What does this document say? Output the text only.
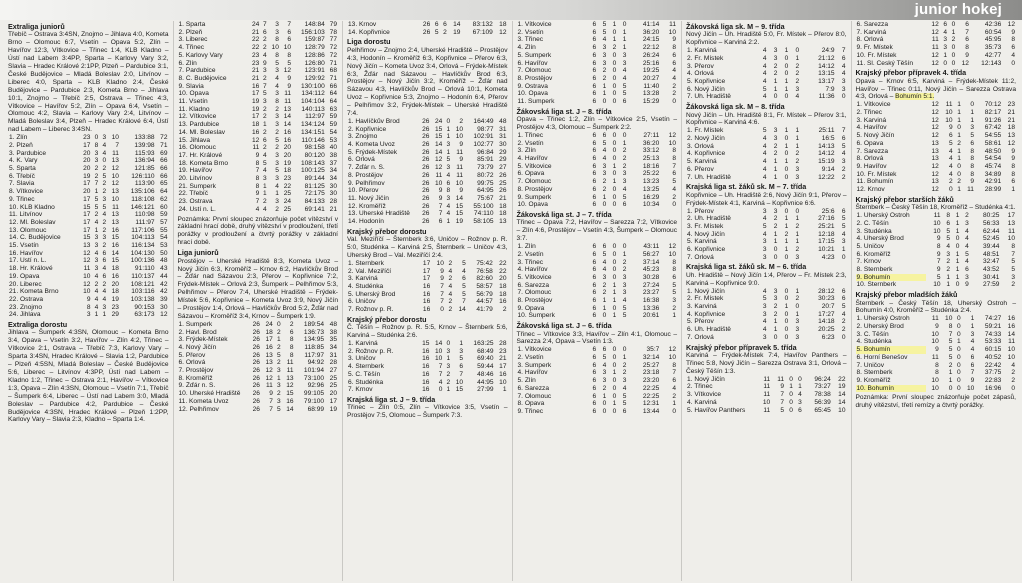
junior hokej
Extraliga juniorů
Třebíč – Ostrava 3:4SN, Znojmo – Jihlava 4:0, Kometa Brno – Olomouc 6:7, Vsetín – Opava 5:2, Zlín – Havířov 12:3, Vítkovice – Třinec 1:4, KLB Kladno – Ústí nad Labem 3:4PP, Sparta – Karlovy Vary 3:2, Slavia – Hradec Králové 2:1PP, Plzeň – Pardubice 3:1, České Budějovice – Mladá Boleslav 2:0, Litvínov – Liberec 4:0, Sparta – KLB Kladno 2:4, České Budějovice – Pardubice 2:3, Kometa Brno – Jihlava 10:1, Znojmo – Třebíč 2:5, Ostrava – Třinec 4:3, Vítkovice – Havířov 5:2, Zlín – Opava 6:4, Vsetín – Olomouc 4:2, Slavia – Karlovy Vary 2:4, Litvínov – Mladá Boleslav 3:4, Plzeň – Hradec Králové 6:4, Ústí nad Labem – Liberec 3:4SN.
1. Zlín	23	0	3	10	133:88	72
2. Plzeň	17	8	4	7	139:98	71
3. Pardubice	20	3	4	11	115:93	69
4. K. Vary	20	3	0	13	136:94	66
5. Sparta	20	2	2	12	121:85	66
6. Třebíč	19	2	5	10	126:110	66
7. Slavia	17	7	2	12	113:90	65
8. Vítkovice	20	1	2	13	135:106	64
9. Třinec	17	5	3	10	118:108	62
10. KLB Kladno	15	5	5	11	146:121	60
11. Litvínov	17	2	4	13	110:98	59
12. Ml. Boleslav	17	4	2	13	111:97	57
13. Olomouc	17	1	2	16	117:106	55
14. Č. Budějovice	15	3	3	15	104:113	54
15. Vsetín	13	3	2	16	116:134	53
16. Havířov	12	4	6	14	104:130	50
17. Ústí n. L.	12	3	6	15	100:136	48
18. Hr. Králové	11	3	4	18	91:110	43
19. Opava	10	4	6	16	110:137	44
20. Liberec	12	2	2	20	108:121	42
21. Kometa Brno	10	4	4	18	103:116	42
22. Ostrava	9	4	4	19	103:138	39
23. Znojmo	8	4	3	23	90:153	30
24. Jihlava	3	1	1	29	63:173	12
Extraliga dorostu
Jihlava – Šumperk 4:3SN, Olomouc – Kometa Brno 3:4, Opava – Vsetín 3:2, Havířov – Zlín 4:2, Třinec – Vítkovice 2:1, Ostrava – Třebíč 7:3, Karlovy Vary – Sparta 3:4SN, Hradec Králové – Slavia 1:2, Pardubice – Plzeň 4:5SN, Mladá Boleslav – České Budějovice 5:6, Liberec – Litvínov 4:3PP, Ústí nad Labem – Kladno 1:2, Třinec – Ostrava 2:1, Havířov – Vítkovice 1:3, Opava – Zlín 4:3SN, Olomouc – Vsetín 7:1, Třebíč – Šumperk 6:4, Liberec – Ústí nad Labem 3:0, Mladá Boleslav – Pardubice 4:2, Pardubice – České Budějovice 4:3SN, Hradec Králové – Plzeň 1:2PP, Karlovy Vary – Slavia 2:3, Kladno – Sparta 1:4.
1. Sparta	24	7	3	7	148:84	79
2. Plzeň	21	6	3	6	156:103	78
3. Liberec	22	2	8	6	159:87	77
4. Třinec	22	2	10	10	128:79	72
5. Karlovy Vary	23	4	8	8	128:86	72
6. Zlín	23	9	5	5	126:80	71
7. Pardubice	21	3	3	12	123:91	68
8. Č. Budějovice	21	2	4	9	129:92	71
9. Slavia	16	7	4	9	130:100	66
10. Opava	17	5	3	11	134:112	64
11. Vsetín	19	3	8	11	104:104	64
11. Kladno	19	2	2	13	140:113	63
12. Vítkovice	17	2	3	14	112:97	59
13. Pardubice	18	1	3	14	134:124	59
14. Ml. Boleslav	16	2	2	16	134:151	54
15. Jihlava	12	6	5	16	110:146	53
16. Olomouc	11	2	2	20	98:158	40
17. Hr. Králové	9	4	3	20	80:120	38
18. Kometa Brno	8	5	3	19	108:143	37
19. Havířov	7	4	5	18	100:125	34
20. Litvínov	8	3	3	23	89:144	34
21. Šumperk	8	1	4	22	81:125	30
22. Třebíč	9	1	1	25	72:175	30
23. Ostrava	7	2	3	24	84:133	28
24. Ústí n. L.	4	4	2	25	69:141	21
Poznámka: První sloupec znázorňuje počet vítězství v základní hrací době, druhý vítězství v prodloužení, třetí porážky v prodloužení a čtvrtý porážky v základní hrací době.
Liga juniorů
Prostějov – Uherské Hradiště 8:3, Kometa Uvoz – Nový Jičín 6:3, Kroměříž – Krnov 6:2, Havlíčkův Brod – Žďár nad Sázavou 2:3, Přerov – Kopřivnice 7:2, Frýdek-Místek – Orlová 2:3, Šumperk – Pelhřimov 5:3, Pelhřimov – Přerov 7:4, Uherské Hradiště – Frýdek-Místek 5:6, Kopřivnice – Kometa Uvoz 3:9, Nový Jičín – Prostějov 1:4, Orlová – Havlíčkův Brod 5:2, Žďár nad Sázavou – Kroměříž 3:4, Krnov – Šumperk 1:9.
1. Šumperk	26	24	0	2	189:54	48
2. Havl. Brod	26	18	2	6	136:73	38
3. Frýdek-Místek	26	17	1	8	134:95	35
4. Nový Jičín	26	16	2	8	118:85	34
5. Přerov	26	13	5	8	117:97	31
6. Orlová	26	13	2	11	94:92	28
7. Prostějov	26	12	3	11	101:94	27
8. Kroměříž	26	12	1	13	73:100	25
9. Žďár n. S.	26	11	3	12	92:96	25
10. Uherské Hradiště	26	9	2	15	99:105	20
11. Kometa Uvoz	26	7	3	16	79:100	17
12. Pelhřimov	26	7	5	14	68:99	19
13. Krnov	26	6	6	14	83:132	18
14. Kopřivnice	26	5	2	19	67:109	12
Liga dorostu
Pelhřimov – Znojmo 2:4, Uherské Hradiště – Prostějov 4:3, Hodonín – Kroměříž 6:3, Kopřivnice – Přerov 6:3, Nový Jičín – Kometa Uvoz 3:4, Orlová – Frýdek-Místek 6:3, Žďár nad Sázavou – Havlíčkův Brod 6:3, Prostějov – Nový Jičín 3:2, Kroměříž – Žďár nad Sázavou 4:3, Havlíčkův Brod – Orlová 10:1, Kometa Uvoz – Kopřivnice 5:3, Znojmo – Hodonín 6:4, Přerov – Pelhřimov 3:2, Frýdek-Místek – Uherské Hradiště 7:4.
1. Havlíčkův Brod	26	24	0	2	164:49	48
2. Kopřivnice	26	15	1	10	98:77	31
3. Znojmo	26	15	1	10	102:91	31
4. Kometa Uvoz	26	14	3	9	102:77	30
5. Frýdek-Místek	26	14	1	11	96:84	29
6. Orlová	26	12	5	9	85:91	29
7. Žďár n. S.	26	12	3	11	73:79	27
8. Prostějov	26	11	4	11	80:72	26
9. Pelhřimov	26	10	6	10	99:75	25
10. Přerov	26	9	8	9	64:95	26
11. Nový Jičín	26	9	3	14	75:67	21
12. Kroměříž	26	7	4	15	55:100	18
13. Uherské Hradiště	26	7	4	15	74:110	18
14. Hodonín	26	6	1	19	58:105	13
Krajský přebor dorostu
Val. Meziříčí – Šternberk 3:6, Uničov – Rožnov p. R. 5:0, Studénka – Karviná 2:5, Šternberk – Uničov 4:3, Uherský Brod – Val. Meziříčí 2:4.
1. Šternberk	17	10	2	5	75:42	22
2. Val. Meziříčí	17	9	4	4	76:58	22
3. Karviná	17	9	2	6	82:60	20
4. Studénka	16	7	4	5	58:57	18
5. Uherský Brod	16	7	4	5	56:79	18
6. Uničov	16	7	2	7	44:57	16
7. Rožnov p. R.	16	0	2	14	41:79	2
Krajský přebor dorostu
Č. Těšín – Rožnov p. R. 5:5, Krnov – Šternberk 5:6, Karviná – Studénka 2:6.
1. Karviná	15	14	0	1	163:25	28
2. Rožnov p. R.	16	10	3	3	68:49	23
3. Uničov	16	10	1	5	69:40	21
4. Šternberk	16	7	3	6	59:44	17
5. Č. Těšín	16	7	2	7	48:46	16
6. Studénka	16	4	2	10	44:95	10
7. Krnov	16	0	1	15	27:99	1
Krajská liga st. J – 9. třída
Třinec – Zlín 0:5, Zlín – Vítkovice 3:5, Vsetín – Prostějov 7:5, Olomouc – Šumperk 7:3.
1. Vítkovice	6	5	1	0	41:14	11
2. Vsetín	6	5	0	1	36:20	10
3. Třinec	6	4	1	1	24:15	9
4. Zlín	6	3	2	1	22:12	8
5. Šumperk	6	3	0	3	26:24	6
6. Havířov	6	3	0	3	25:16	6
7. Olomouc	6	2	0	4	19:25	4
8. Prostějov	6	2	0	4	20:27	4
9. Ostrava	6	1	0	5	11:40	2
10. Opava	6	1	0	5	13:28	2
11. Šumperk	6	0	0	6	15:29	0
Žákovská liga st. J – 8. třída
Opava – Třinec 1:2, Zlín – Vítkovice 2:5, Vsetín – Prostějov 4:3, Olomouc – Šumperk 2:2.
1. Třinec	6	6	0	0	27:11	12
2. Vsetín	6	5	0	1	36:20	10
3. Zlín	6	4	0	2	33:12	8
4. Havířov	6	4	0	2	25:13	8
5. Vítkovice	6	3	1	2	18:16	7
6. Opava	6	3	0	3	25:22	6
7. Olomouc	6	2	1	3	13:23	5
8. Prostějov	6	2	0	4	13:25	4
9. Šumperk	6	1	0	5	16:29	2
10. Opava	6	0	0	6	10:34	0
Žákovská liga st. J – 7. třída
Třinec – Opava 7:2, Havířov – Sarezza 7:2, Vítkovice – Zlín 4:6, Prostějov – Vsetín 4:3, Šumperk – Olomouc 3:7.
1. Zlín	6	6	0	0	43:11	12
2. Vsetín	6	5	0	1	56:27	10
3. Třinec	6	4	0	2	37:14	8
4. Havířov	6	4	0	2	45:23	8
5. Vítkovice	6	3	0	3	30:28	6
6. Sarezza	6	2	1	3	27:24	5
7. Olomouc	6	2	1	3	23:27	5
8. Prostějov	6	1	1	4	16:38	3
9. Opava	6	1	0	5	13:36	2
10. Šumperk	6	0	1	5	20:61	1
Žákovská liga st. J – 6. třída
Třinec – Vítkovice 3:3, Havířov – Zlín 4:1, Olomouc – Sarezza 2:4, Opava – Vsetín 1:3.
1. Vítkovice	6	6	0	0	35:7	12
2. Vsetín	6	5	0	1	32:14	10
3. Šumperk	6	4	0	2	25:27	8
4. Havířov	6	3	1	2	23:18	7
5. Zlín	6	3	0	3	23:20	6
6. Sarezza	6	2	0	4	22:25	4
7. Olomouc	6	1	0	5	22:25	2
8. Opava	6	0	1	5	12:31	1
9. Třinec	6	0	0	6	13:44	0
Žákovská liga sk. M – 9. třída
Nový Jičín – Uh. Hradiště 5:0, Fr. Místek – Přerov 8:0, Kopřivnice – Karviná 2:2.
1. Karviná	4	3	1	0	24:9	7
2. Fr. Místek	4	3	0	1	21:12	6
3. Přerov	4	2	0	2	14:12	4
4. Orlová	4	2	0	2	13:15	4
5. Kopřivnice	4	1	1	2	13:17	3
6. Nový Jičín	5	1	1	3	7:9	3
7. Uh. Hradiště	4	0	0	4	11:36	0
Žákovská liga sk. M – 8. třída
Nový Jičín – Uh. Hradiště 8:1, Fr. Místek – Přerov 3:1, Kopřivnice – Karviná 4:6.
1. Fr. Místek	5	3	1	1	25:11	7
2. Nový Jičín	4	3	0	1	16:5	6
3. Orlová	4	2	1	1	14:13	5
4. Kopřivnice	4	2	0	2	14:12	4
5. Karviná	4	1	1	2	15:19	3
6. Přerov	4	1	0	3	9:14	2
7. Uh. Hradiště	4	1	0	3	12:22	2
Krajská liga st. žáků sk. M – 7. třída
Kopřivnice – Uh. Hradiště 2:6, Nový Jičín 9:1, Přerov – Frýdek-Místek 4:1, Karviná – Kopřivnice 6:6.
1. Přerov	3	3	0	0	25:6	6
2. Uh. Hradiště	4	2	1	1	27:16	5
3. Fr. Místek	5	2	1	2	25:21	5
4. Nový Jičín	4	1	2	1	12:18	4
5. Karviná	3	1	1	1	17:15	3
6. Kopřivnice	3	0	1	2	10:21	1
7. Orlová	3	0	0	3	4:23	0
Krajská liga st. žáků sk. M – 6. třída
Uh. Hradiště – Nový Jičín 1:4, Přerov – Fr. Místek 2:3, Karviná – Kopřivnice 9:0.
1. Nový Jičín	4	3	0	1	28:12	6
2. Fr. Místek	5	3	0	2	30:23	6
3. Karviná	3	2	1	0	20:7	5
4. Kopřivnice	3	2	0	1	17:27	4
5. Přerov	4	1	0	3	14:18	2
6. Uh. Hradiště	4	1	0	3	20:25	2
7. Orlová	3	0	0	3	6:23	0
Krajský přebor přípravek 5. třída
Karviná – Frýdek-Místek 7:4, Havířov Panthers – Třinec 5:8, Nový Jičín – Sarezza Ostrava 3:1, Orlová – Český Těšín 1:3.
1. Nový Jičín	11	11	0	0	96:24	22
2. Třinec	11	9	1	1	73:27	19
3. Vítkovice	11	7	0	4	78:38	14
4. Karviná	10	7	0	3	56:39	14
5. Havířov Panthers	11	5	0	6	65:45	10
6. Sarezza	12	6	0	6	42:36	12
7. Karviná	12	4	1	7	60:54	9
8. Orlová	11	3	2	6	45:95	8
9. Fr. Místek	11	3	0	8	35:73	6
10. Fr. Místek	12	1	0	9	42:77	4
11. Sl. Český Těšín	12	0	0	12	12:143	0
Krajský přebor přípravek 4. třída
Opava – Krnov 6:5, Karviná – Frýdek-Místek 11:2, Havířov – Třinec 0:11, Nový Jičín – Sarezza Ostrava 4:3, Orlová – Bohumín 5:1.
1. Vítkovice	12	11	1	0	70:12	23
2. Třinec	12	10	1	1	82:17	21
3. Karviná	12	10	1	1	91:26	21
4. Havířov	12	9	0	3	67:42	18
5. Nový Jičín	12	6	1	5	54:55	13
6. Opava	13	5	2	6	58:61	12
7. Sarezza	13	4	1	8	48:50	9
8. Orlová	13	4	1	8	54:54	9
9. Havířov	12	4	0	8	45:74	8
10. Fr. Místek	12	4	0	8	34:89	8
11. Bohumín	13	2	2	9	42:91	6
12. Krnov	12	0	1	11	28:99	1
Krajský přebor starších žáků
Šternberk – Český Těšín 18, Kroměříž – Studénka 4:1.
1. Uherský Ostroh	11	8	1	2	80:25	17
2. Č. Těšín	10	6	1	3	56:33	13
3. Studénka	10	5	1	4	62:44	11
4. Uherský Brod	9	5	0	4	52:45	10
5. Uničov	8	4	0	4	39:44	8
6. Kroměříž	9	3	1	5	48:51	7
7. Krnov	7	2	1	4	32:47	5
8. Šternberk	9	2	1	6	43:52	5
9. Bohumín	5	1	1	3	30:41	3
10. Šternberk	10	1	0	9	27:59	2
Krajský přebor mladších žáků
Šternberk – Český Těšín 18, Uherský Ostroh – Bohumín 4:0, Kroměříž – Studénka 2:4.
1. Uherský Ostroh	11	10	0	1	74:27	16
2. Uherský Brod	9	8	0	1	59:21	16
3. Č. Těšín	10	7	0	3	74:33	14
4. Studénka	10	5	1	4	53:33	11
5. Bohumín	9	5	0	4	60:15	10
6. Horní Benešov	11	5	0	6	40:52	10
7. Uničov	8	2	0	6	22:42	4
8. Šternberk	8	1	0	7	37:75	2
9. Kroměříž	10	1	0	9	22:83	2
10. Bohumín	10	0	0	10	16:96	0
Poznámka: První sloupec znázorňuje počet zápasů, druhý vítězství, třetí remízy a čtvrtý porážky.
